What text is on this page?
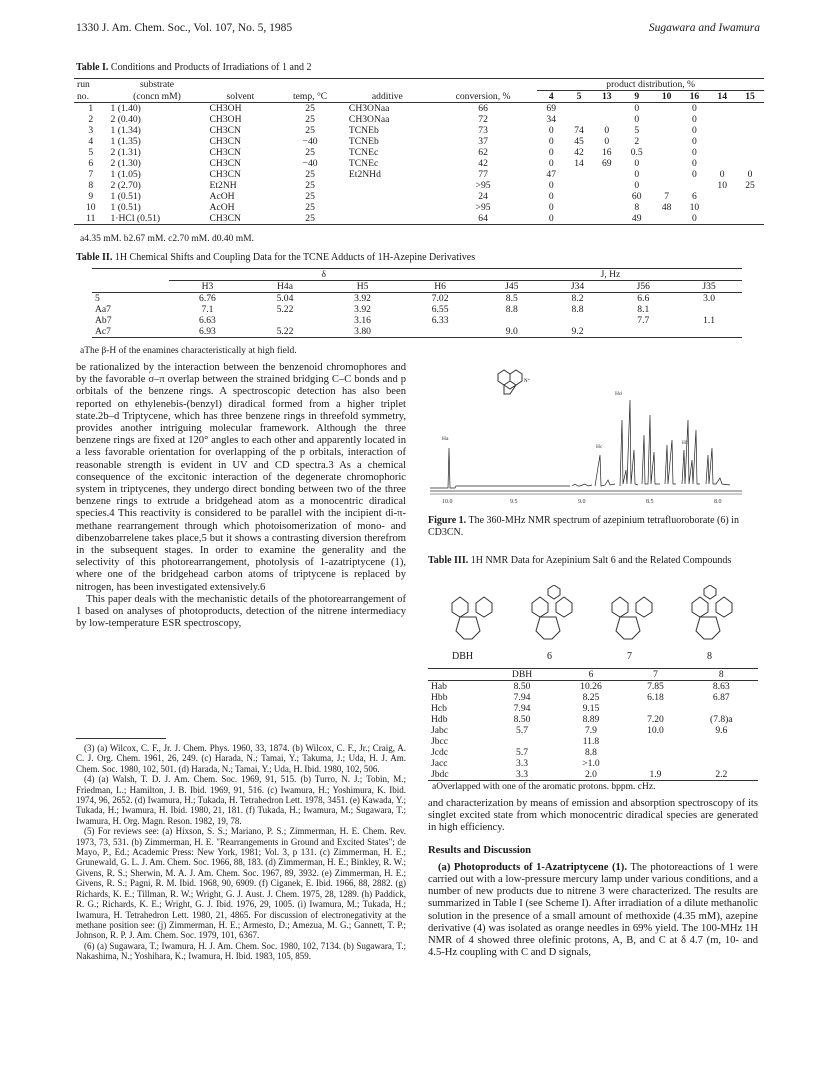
1330 J. Am. Chem. Soc., Vol. 107, No. 5, 1985	Sugawara and Iwamura
Table I. Conditions and Products of Irradiations of 1 and 2
run	substrate					product distribution, %							
no.	(concn mM)	solvent	temp, °C	additive	conversion, %	4	5	13	9	10	16	14	15
1	1 (1.40)	CH3OH	25	CH3ONaa	66	69			0		0		
2	2 (0.40)	CH3OH	25	CH3ONaa	72	34			0		0		
3	1 (1.34)	CH3CN	25	TCNEb	73	0	74	0	5		0		
4	1 (1.35)	CH3CN	−40	TCNEb	37	0	45	0	2		0		
5	2 (1.31)	CH3CN	25	TCNEc	62	0	42	16	0.5		0		
6	2 (1.30)	CH3CN	−40	TCNEc	42	0	14	69	0		0		
7	1 (1.05)	CH3CN	25	Et2NHd	77	47			0		0	0	0
8	2 (2.70)	Et2NH	25		>95	0			0			10	25
9	1 (0.51)	AcOH	25		24	0			60	7	6		
10	1 (0.51)	AcOH	25		>95	0			8	48	10		
11	1·HCl (0.51)	CH3CN	25		64	0			49		0		
a4.35 mM. b2.67 mM. c2.70 mM. d0.40 mM.
Table II. 1H Chemical Shifts and Coupling Data for the TCNE Adducts of 1H-Azepine Derivatives
	δ				J, Hz			
	H3	H4a	H5	H6	J45	J34	J56	J35
5	6.76	5.04	3.92	7.02	8.5	8.2	6.6	3.0
Aa7	7.1	5.22	3.92	6.55	8.8	8.8	8.1	
Ab7	6.63		3.16	6.33			7.7	1.1
Ac7	6.93	5.22	3.80		9.0	9.2		
aThe β-H of the enamines characteristically at high field.

be rationalized by the interaction between the benzenoid chromophores and by the favorable σ–π overlap between the strained bridging C–C bonds and p orbitals of the benzene rings. A spectroscopic detection has also been reported on ethylenebis-(benzyl) diradical formed from a higher triplet state.2b–d Triptycene, which has three benzene rings in threefold symmetry, provides another intriguing molecular framework. Although the three benzene rings are fixed at 120° angles to each other and apparently located in a less favorable orientation for overlapping of the p orbitals, interaction of reasonable strength is evident in UV and CD spectra.3 As a chemical consequence of the excitonic interaction of the degenerate chromophoric system in triptycenes, they undergo direct bonding between two of the three benzene rings to extrude a bridgehead atom as a monocentric diradical species.4 This reactivity is considered to be parallel with the incipient di-π-methane rearrangement through which photoisomerization of mono- and dibenzobarrelene takes place,5 but it shows a contrasting diversion therefrom in the subsequent stages. In order to examine the generality and the selectivity of this photorearrangement, photolysis of 1-azatriptycene (1), where one of the bridgehead carbon atoms of triptycene is replaced by nitrogen, has been investigated extensively.6

This paper deals with the mechanistic details of the photorearrangement of 1 based on analyses of photoproducts, detection of the nitrene intermediacy by low-temperature ESR spectroscopy,

(3) (a) Wilcox, C. F., Jr. J. Chem. Phys. 1960, 33, 1874. (b) Wilcox, C. F., Jr.; Craig, A. C. J. Org. Chem. 1961, 26, 249. (c) Harada, N.; Tamai, Y.; Takuma, J.; Uda, H. J. Am. Chem. Soc. 1980, 102, 501. (d) Harada, N.; Tamai, Y.; Uda, H. Ibid. 1980, 102, 506.

(4) (a) Walsh, T. D. J. Am. Chem. Soc. 1969, 91, 515. (b) Turro, N. J.; Tobin, M.; Friedman, L.; Hamilton, J. B. Ibid. 1969, 91, 516. (c) Iwamura, H.; Yoshimura, K. Ibid. 1974, 96, 2652. (d) Iwamura, H.; Tukada, H. Tetrahedron Lett. 1978, 3451. (e) Kawada, Y.; Tukada, H.; Iwamura, H. Ibid. 1980, 21, 181. (f) Tukada, H.; Iwamura, M.; Sugawara, T.; Iwamura, H. Org. Magn. Reson. 1982, 19, 78.

(5) For reviews see: (a) Hixson, S. S.; Mariano, P. S.; Zimmerman, H. E. Chem. Rev. 1973, 73, 531. (b) Zimmerman, H. E. "Rearrangements in Ground and Excited States"; de Mayo, P., Ed.; Academic Press: New York, 1981; Vol. 3, p 131. (c) Zimmerman, H. E.; Grunewald, G. L. J. Am. Chem. Soc. 1966, 88, 183. (d) Zimmerman, H. E.; Binkley, R. W.; Givens, R. S.; Sherwin, M. A. J. Am. Chem. Soc. 1967, 89, 3932. (e) Zimmerman, H. E.; Givens, R. S.; Pagni, R. M. Ibid. 1968, 90, 6909. (f) Ciganek, E. Ibid. 1966, 88, 2882. (g) Richards, K. E.; Tillman, R. W.; Wright, G. J. Aust. J. Chem. 1975, 28, 1289. (h) Paddick, R. G.; Richards, K. E.; Wright, G. J. Ibid. 1976, 29, 1005. (i) Iwamura, M.; Tukada, H.; Iwamura, H. Tetrahedron Lett. 1980, 21, 4865. For discussion of electronegativity at the methane position see: (j) Zimmerman, H. E.; Armesto, D.; Amezua, M. G.; Gannett, T. P.; Johnson, R. P. J. Am. Chem. Soc. 1979, 101, 6367.

(6) (a) Sugawara, T.; Iwamura, H. J. Am. Chem. Soc. 1980, 102, 7134. (b) Sugawara, T.; Nakashima, N.; Yoshihara, K.; Iwamura, H. Ibid. 1983, 105, 859.

N⁺
10.0	9.5	9.0	8.5	8.0
Ha
Hd
Hc
Hb
Figure 1. The 360-MHz NMR spectrum of azepinium tetrafluoroborate (6) in CD3CN.
Table III. 1H NMR Data for Azepinium Salt 6 and the Related Compounds
DBH	6	7	8
	DBH	6	7	8
Hab	8.50	10.26	7.85	8.63
Hbb	7.94	8.25	6.18	6.87
Hcb	7.94	9.15		
Hdb	8.50	8.89	7.20	(7.8)a
Jabc	5.7	7.9	10.0	9.6
Jbcc		11.8		
Jcdc	5.7	8.8		
Jacc	3.3	>1.0		
Jbdc	3.3	2.0	1.9	2.2
aOverlapped with one of the aromatic protons. bppm. cHz.

and characterization by means of emission and absorption spectroscopy of its singlet excited state from which monocentric diradical species are generated in high efficiency.

Results and Discussion

(a) Photoproducts of 1-Azatriptycene (1). The photoreactions of 1 were carried out with a low-pressure mercury lamp under various conditions, and a number of new products due to nitrene 3 were characterized. The results are summarized in Table I (see Scheme I). After irradiation of a dilute methanolic solution in the presence of a small amount of methoxide (4.35 mM), azepine derivative (4) was isolated as orange needles in 69% yield. The 100-MHz 1H NMR of 4 showed three olefinic protons, A, B, and C at δ 4.7 (m, 10- and 4.5-Hz coupling with C and D signals,
